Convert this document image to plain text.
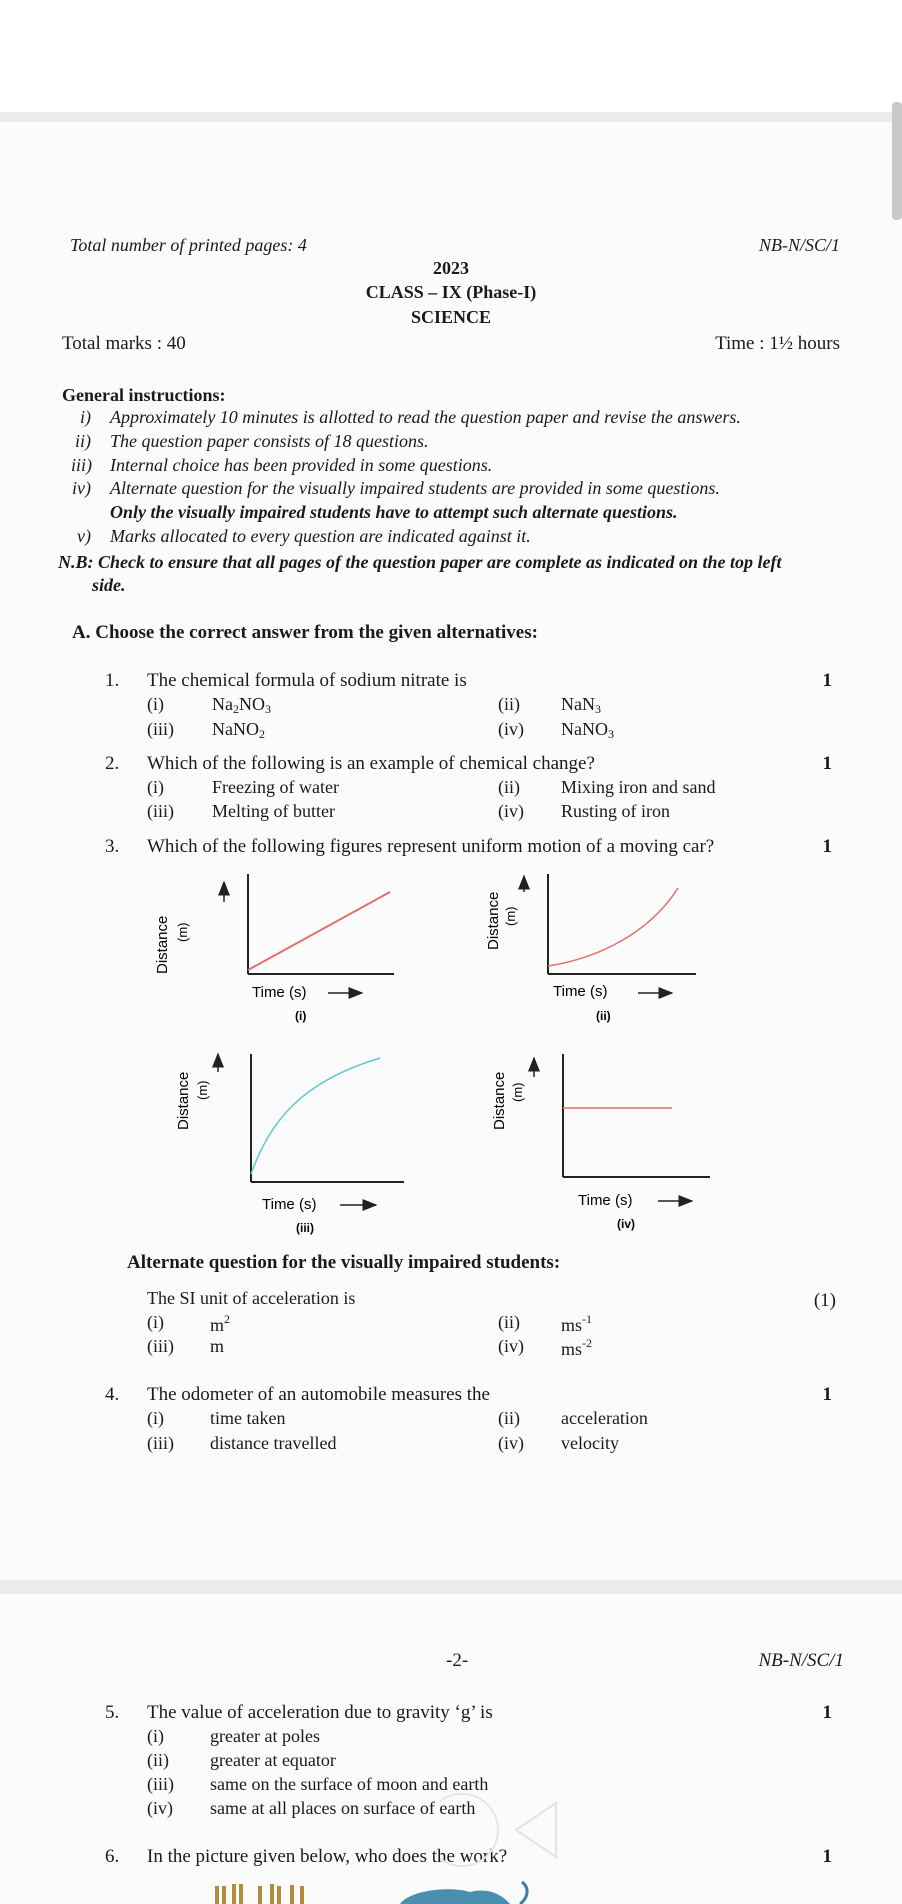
Total number of printed pages: 4	NB-N/SC/1
2023
CLASS – IX (Phase-I)
SCIENCE
Total marks : 40	Time : 1½ hours
General instructions:
i) Approximately 10 minutes is allotted to read the question paper and revise the answers.
ii) The question paper consists of 18 questions.
iii) Internal choice has been provided in some questions.
iv) Alternate question for the visually impaired students are provided in some questions.
Only the visually impaired students have to attempt such alternate questions.
v) Marks allocated to every question are indicated against it.
N.B: Check to ensure that all pages of the question paper are complete as indicated on the top left
side.
A. Choose the correct answer from the given alternatives:
1. The chemical formula of sodium nitrate is	1
(i)	$Na_2NO_3$	(ii) NaN$_3$
(iii) NaNO$_2$	(iv) NaNO$_3$
2. Which of the following is an example of chemical change?	1
(i)	Freezing of water	(ii) Mixing iron and sand
(iii) Melting of butter	(iv) Rusting of iron
3. Which of the following figures represent uniform motion of a moving car?	1
Distance (m)
Time (s)
(i)
Distance (m)
Time (s)
(ii)
Distance (m)
Time (s)
(iii)
Distance (m)
Time (s)
(iv)
Alternate question for the visually impaired students:
The SI unit of acceleration is	(1)
(i)	$m^2$	(ii) $ms^{-1}$
(iii) m	(iv) $ms^{-2}$
4. The odometer of an automobile measures the	1
(i)	time taken	(ii) acceleration
(iii) distance travelled	(iv) velocity
-2-	NB-N/SC/1
5. The value of acceleration due to gravity ‘g’ is	1
(i)	greater at poles
(ii) greater at equator
(iii) same on the surface of moon and earth
(iv) same at all places on surface of earth
6. In the picture given below, who does the work?	1
